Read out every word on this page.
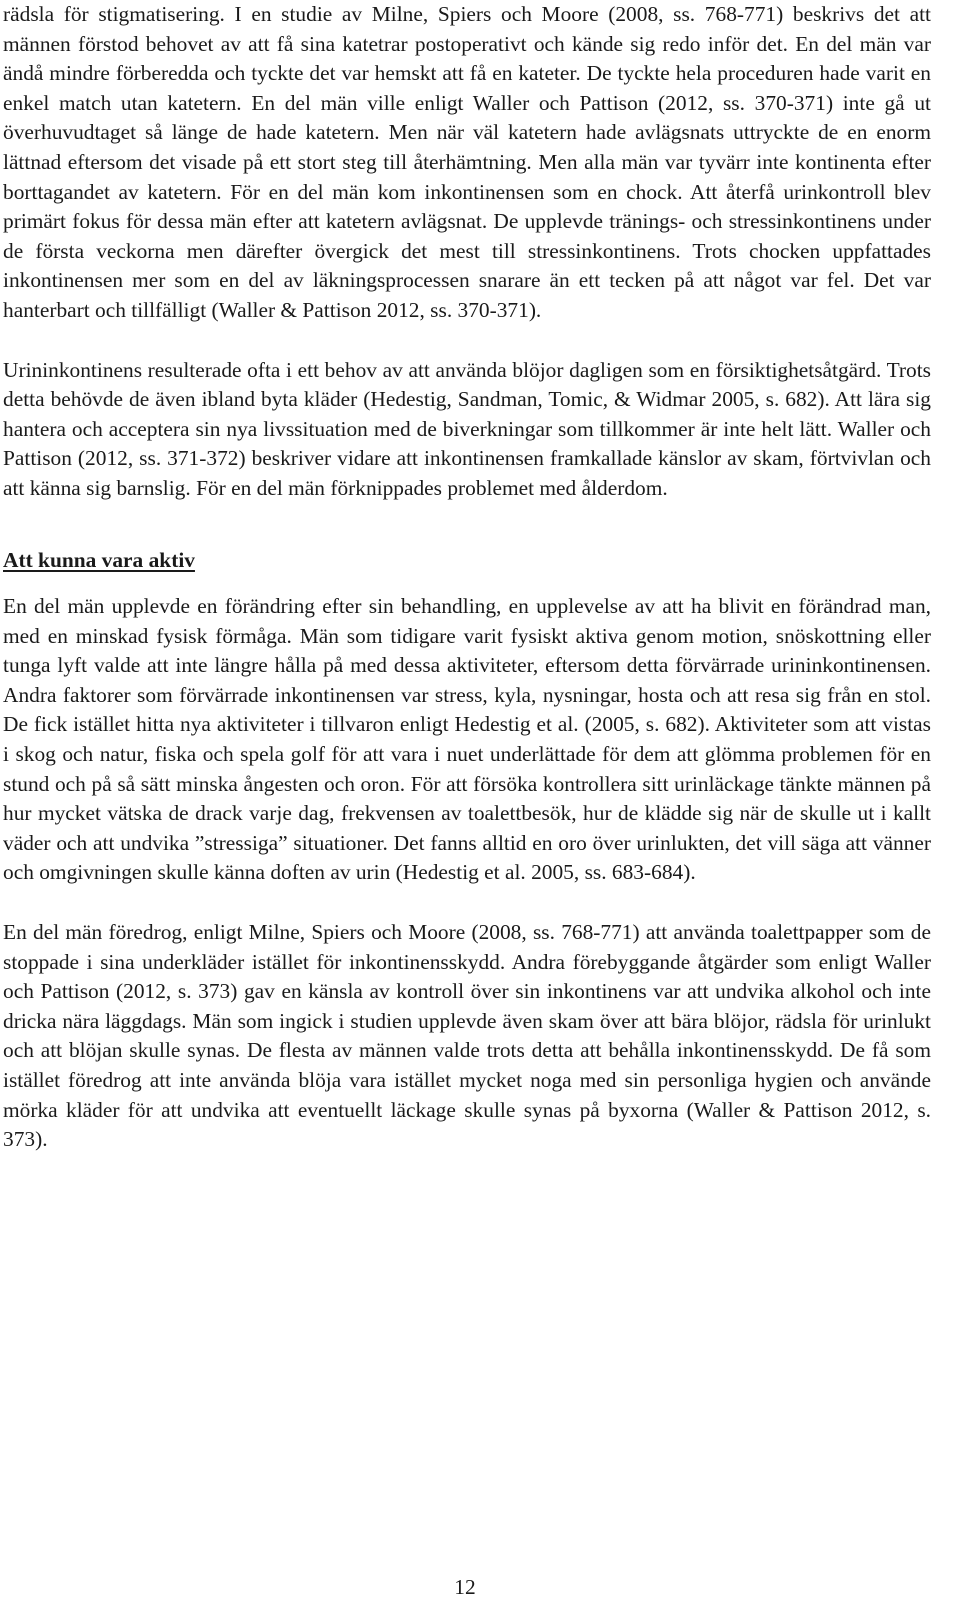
rädsla för stigmatisering. I en studie av Milne, Spiers och Moore (2008, ss. 768-771) beskrivs det att männen förstod behovet av att få sina katetrar postoperativt och kände sig redo inför det. En del män var ändå mindre förberedda och tyckte det var hemskt att få en kateter. De tyckte hela proceduren hade varit en enkel match utan katetern. En del män ville enligt Waller och Pattison (2012, ss. 370-371) inte gå ut överhuvudtaget så länge de hade katetern. Men när väl katetern hade avlägsnats uttryckte de en enorm lättnad eftersom det visade på ett stort steg till återhämtning. Men alla män var tyvärr inte kontinenta efter borttagandet av katetern. För en del män kom inkontinensen som en chock. Att återfå urinkontroll blev primärt fokus för dessa män efter att katetern avlägsnat. De upplevde tränings- och stressinkontinens under de första veckorna men därefter övergick det mest till stressinkontinens. Trots chocken uppfattades inkontinensen mer som en del av läkningsprocessen snarare än ett tecken på att något var fel. Det var hanterbart och tillfälligt (Waller & Pattison 2012, ss. 370-371).

Urininkontinens resulterade ofta i ett behov av att använda blöjor dagligen som en försiktighetsåtgärd. Trots detta behövde de även ibland byta kläder (Hedestig, Sandman, Tomic, & Widmar 2005, s. 682). Att lära sig hantera och acceptera sin nya livssituation med de biverkningar som tillkommer är inte helt lätt. Waller och Pattison (2012, ss. 371-372) beskriver vidare att inkontinensen framkallade känslor av skam, förtvivlan och att känna sig barnslig. För en del män förknippades problemet med ålderdom.

Att kunna vara aktiv

En del män upplevde en förändring efter sin behandling, en upplevelse av att ha blivit en förändrad man, med en minskad fysisk förmåga. Män som tidigare varit fysiskt aktiva genom motion, snöskottning eller tunga lyft valde att inte längre hålla på med dessa aktiviteter, eftersom detta förvärrade urininkontinensen. Andra faktorer som förvärrade inkontinensen var stress, kyla, nysningar, hosta och att resa sig från en stol. De fick istället hitta nya aktiviteter i tillvaron enligt Hedestig et al. (2005, s. 682). Aktiviteter som att vistas i skog och natur, fiska och spela golf för att vara i nuet underlättade för dem att glömma problemen för en stund och på så sätt minska ångesten och oron. För att försöka kontrollera sitt urinläckage tänkte männen på hur mycket vätska de drack varje dag, frekvensen av toalettbesök, hur de klädde sig när de skulle ut i kallt väder och att undvika ”stressiga” situationer. Det fanns alltid en oro över urinlukten, det vill säga att vänner och omgivningen skulle känna doften av urin (Hedestig et al. 2005, ss. 683-684).

En del män föredrog, enligt Milne, Spiers och Moore (2008, ss. 768-771) att använda toalettpapper som de stoppade i sina underkläder istället för inkontinensskydd. Andra förebyggande åtgärder som enligt Waller och Pattison (2012, s. 373) gav en känsla av kontroll över sin inkontinens var att undvika alkohol och inte dricka nära läggdags. Män som ingick i studien upplevde även skam över att bära blöjor, rädsla för urinlukt och att blöjan skulle synas. De flesta av männen valde trots detta att behålla inkontinensskydd. De få som istället föredrog att inte använda blöja vara istället mycket noga med sin personliga hygien och använde mörka kläder för att undvika att eventuellt läckage skulle synas på byxorna (Waller & Pattison 2012, s. 373).

12
